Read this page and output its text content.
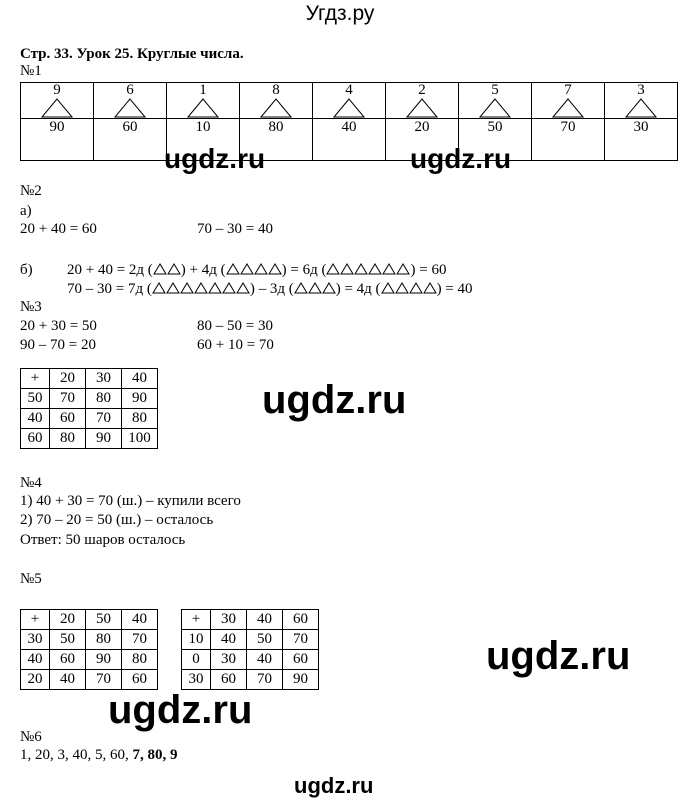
Угдз.ру
Стр. 33. Урок 25. Круглые числа.
№1
9	6	1	8	4	2	5	7	3

90	60	10	80	40	20	50	70	30
№2
а)
20 + 40 = 60	70 – 30 = 40
б) 20 + 40 = 2д ( ) + 4д (	) = 6д (	) = 60
70 – 30 = 7д (	) – 3д (	) = 4д (	) = 40
№3
20 + 30 = 50	80 – 50 = 30
90 – 70 = 20	60 + 10 = 70
+	20	30	40
50	70	80	90
40	60	70	80
60	80	90	100
№4
1) 40 + 30 = 70 (ш.) – купили всего
2) 70 – 20 = 50 (ш.) – осталось
Ответ: 50 шаров осталось
№5
+	20	50	40
30	50	80	70
40	60	90	80
20	40	70	60
+	30	40	60
10	40	50	70
0	30	40	60
30	60	70	90
№6
1, 20, 3, 40, 5, 60, 7, 80, 9
ugdz.ru	ugdz.ru
ugdz.ru
ugdz.ru
ugdz.ru
ugdz.ru
